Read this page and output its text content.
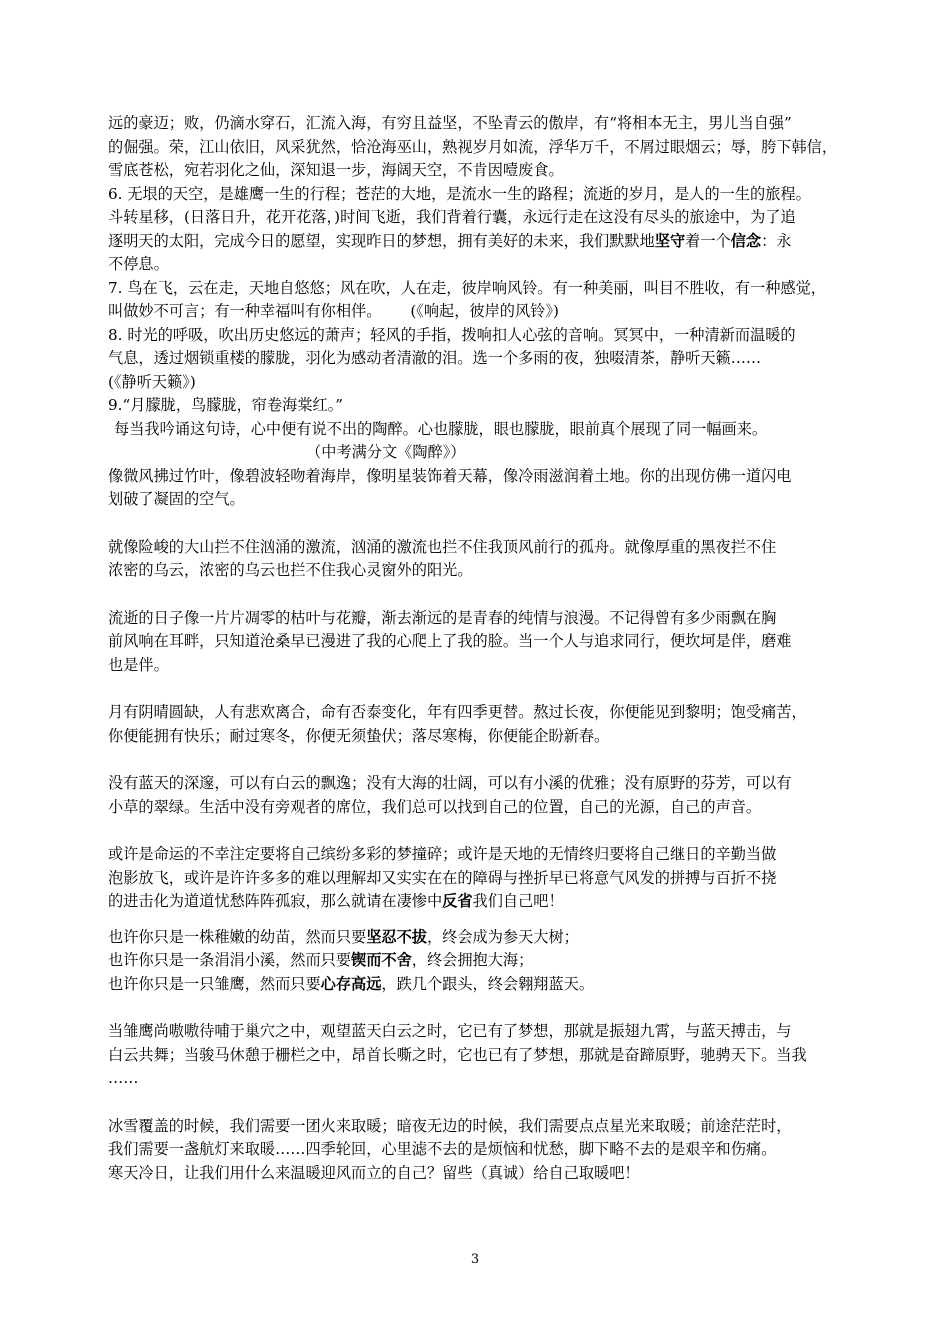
远的豪迈；败，仍滴水穿石，汇流入海，有穷且益坚，不坠青云的傲岸，有“将相本无主，男儿当自强”
的倔强。荣，江山依旧，风采犹然，恰沧海巫山，熟视岁月如流，浮华万千，不屑过眼烟云；辱，胯下韩信，
雪底苍松，宛若羽化之仙，深知退一步，海阔天空，不肯因噎废食。
6. 无垠的天空，是雄鹰一生的行程；苍茫的大地，是流水一生的路程；流逝的岁月，是人的一生的旅程。
斗转星移，(日落日升，花开花落，)时间飞逝，我们背着行囊，永远行走在这没有尽头的旅途中，为了追
逐明天的太阳，完成今日的愿望，实现昨日的梦想，拥有美好的未来，我们默默地坚守着一个信念：永
不停息。
7. 鸟在飞，云在走，天地自悠悠；风在吹，人在走，彼岸响风铃。有一种美丽，叫目不胜收，有一种感觉，
叫做妙不可言；有一种幸福叫有你相伴。      (《响起，彼岸的风铃》)
8. 时光的呼吸，吹出历史悠远的萧声；轻风的手指，拨响扣人心弦的音响。冥冥中，一种清新而温暖的
气息，透过烟锁重楼的朦胧，羽化为感动者清澈的泪。选一个多雨的夜，独啜清茶，静听天籁……
(《静听天籁》)
9.“月朦胧，鸟朦胧，帘卷海棠红。”
每当我吟诵这句诗，心中便有说不出的陶醉。心也朦胧，眼也朦胧，眼前真个展现了同一幅画来。
（中考满分文《陶醉》）
像微风拂过竹叶，像碧波轻吻着海岸，像明星装饰着天幕，像冷雨滋润着土地。你的出现仿佛一道闪电
划破了凝固的空气。
就像险峻的大山拦不住汹涌的激流，汹涌的激流也拦不住我顶风前行的孤舟。就像厚重的黑夜拦不住
浓密的乌云，浓密的乌云也拦不住我心灵窗外的阳光。
流逝的日子像一片片凋零的枯叶与花瓣，渐去渐远的是青春的纯情与浪漫。不记得曾有多少雨飘在胸
前风响在耳畔，只知道沧桑早已漫进了我的心爬上了我的脸。当一个人与追求同行，便坎坷是伴，磨难
也是伴。
月有阴晴圆缺，人有悲欢离合，命有否泰变化，年有四季更替。熬过长夜，你便能见到黎明；饱受痛苦，
你便能拥有快乐；耐过寒冬，你便无须蛰伏；落尽寒梅，你便能企盼新春。
没有蓝天的深邃，可以有白云的飘逸；没有大海的壮阔，可以有小溪的优雅；没有原野的芬芳，可以有
小草的翠绿。生活中没有旁观者的席位，我们总可以找到自己的位置，自己的光源，自己的声音。
或许是命运的不幸注定要将自己缤纷多彩的梦撞碎；或许是天地的无情终归要将自己继日的辛勤当做
泡影放飞，或许是许许多多的难以理解却又实实在在的障碍与挫折早已将意气风发的拼搏与百折不挠
的进击化为道道忧愁阵阵孤寂，那么就请在凄惨中反省我们自己吧！
也许你只是一株稚嫩的幼苗，然而只要坚忍不拔，终会成为参天大树；
也许你只是一条涓涓小溪，然而只要锲而不舍，终会拥抱大海；
也许你只是一只雏鹰，然而只要心存高远，跌几个跟头，终会翱翔蓝天。
当雏鹰尚嗷嗷待哺于巢穴之中，观望蓝天白云之时，它已有了梦想，那就是振翅九霄，与蓝天搏击，与
白云共舞；当骏马休憩于栅栏之中，昂首长嘶之时，它也已有了梦想，那就是奋蹄原野，驰骋天下。当我
……
冰雪覆盖的时候，我们需要一团火来取暖；暗夜无边的时候，我们需要点点星光来取暖；前途茫茫时，
我们需要一盏航灯来取暖……四季轮回，心里滤不去的是烦恼和忧愁，脚下略不去的是艰辛和伤痛。
寒天冷日，让我们用什么来温暖迎风而立的自己？留些（真诚）给自己取暖吧！
3
